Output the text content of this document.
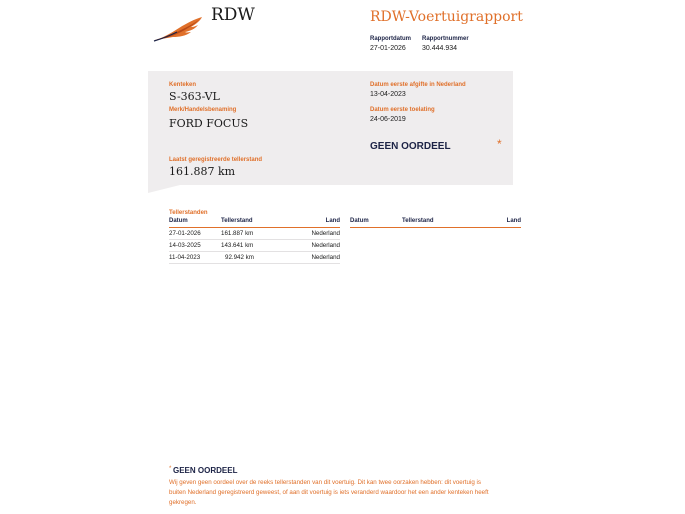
RDW	RDW-Voertuigrapport
Rapportdatum
27-01-2026
Rapportnummer
30.444.934
Kenteken
S-363-VL
Merk/Handelsbenaming
FORD FOCUS
Laatst geregistreerde tellerstand
161.887 km
Datum eerste afgifte in Nederland
13-04-2023
Datum eerste toelating
24-06-2019
GEEN OORDEEL	*
Tellerstanden
Datum	Tellerstand	Land
27-01-2026	161.887 km	Nederland
14-03-2025	143.641 km	Nederland
11-04-2023	92.942 km	Nederland
Datum	Tellerstand	Land
* GEEN OORDEEL
Wij geven geen oordeel over de reeks tellerstanden van dit voertuig. Dit kan twee oorzaken hebben: dit voertuig is buiten Nederland geregistreerd geweest, of aan dit voertuig is iets veranderd waardoor het een ander kenteken heeft gekregen.
